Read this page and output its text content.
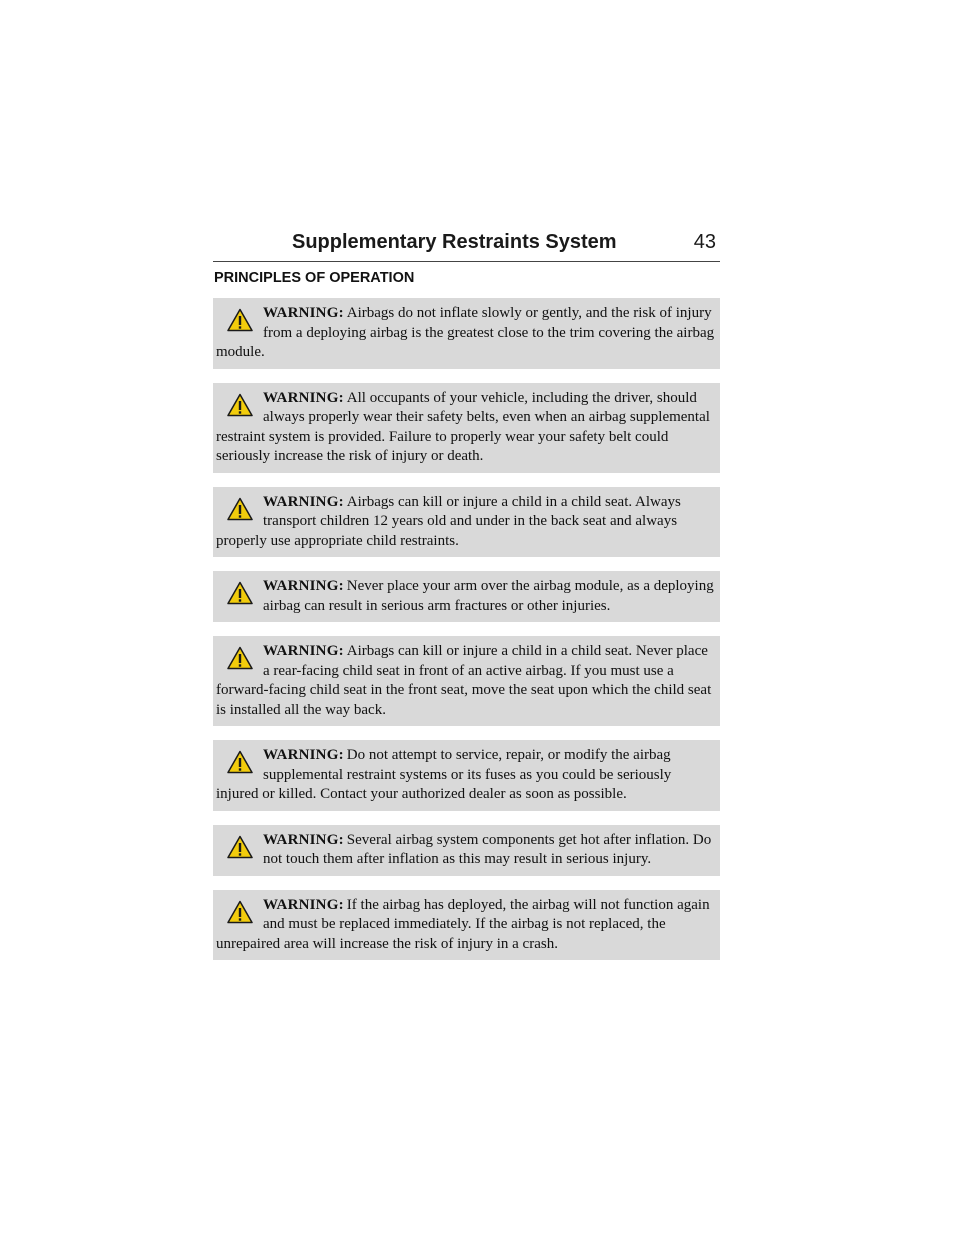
Supplementary Restraints System	43
PRINCIPLES OF OPERATION
WARNING: Airbags do not inflate slowly or gently, and the risk of injury from a deploying airbag is the greatest close to the trim covering the airbag module.
WARNING: All occupants of your vehicle, including the driver, should always properly wear their safety belts, even when an airbag supplemental restraint system is provided. Failure to properly wear your safety belt could seriously increase the risk of injury or death.
WARNING: Airbags can kill or injure a child in a child seat. Always transport children 12 years old and under in the back seat and always properly use appropriate child restraints.
WARNING: Never place your arm over the airbag module, as a deploying airbag can result in serious arm fractures or other injuries.
WARNING: Airbags can kill or injure a child in a child seat. Never place a rear-facing child seat in front of an active airbag. If you must use a forward-facing child seat in the front seat, move the seat upon which the child seat is installed all the way back.
WARNING: Do not attempt to service, repair, or modify the airbag supplemental restraint systems or its fuses as you could be seriously injured or killed. Contact your authorized dealer as soon as possible.
WARNING: Several airbag system components get hot after inflation. Do not touch them after inflation as this may result in serious injury.
WARNING: If the airbag has deployed, the airbag will not function again and must be replaced immediately. If the airbag is not replaced, the unrepaired area will increase the risk of injury in a crash.
